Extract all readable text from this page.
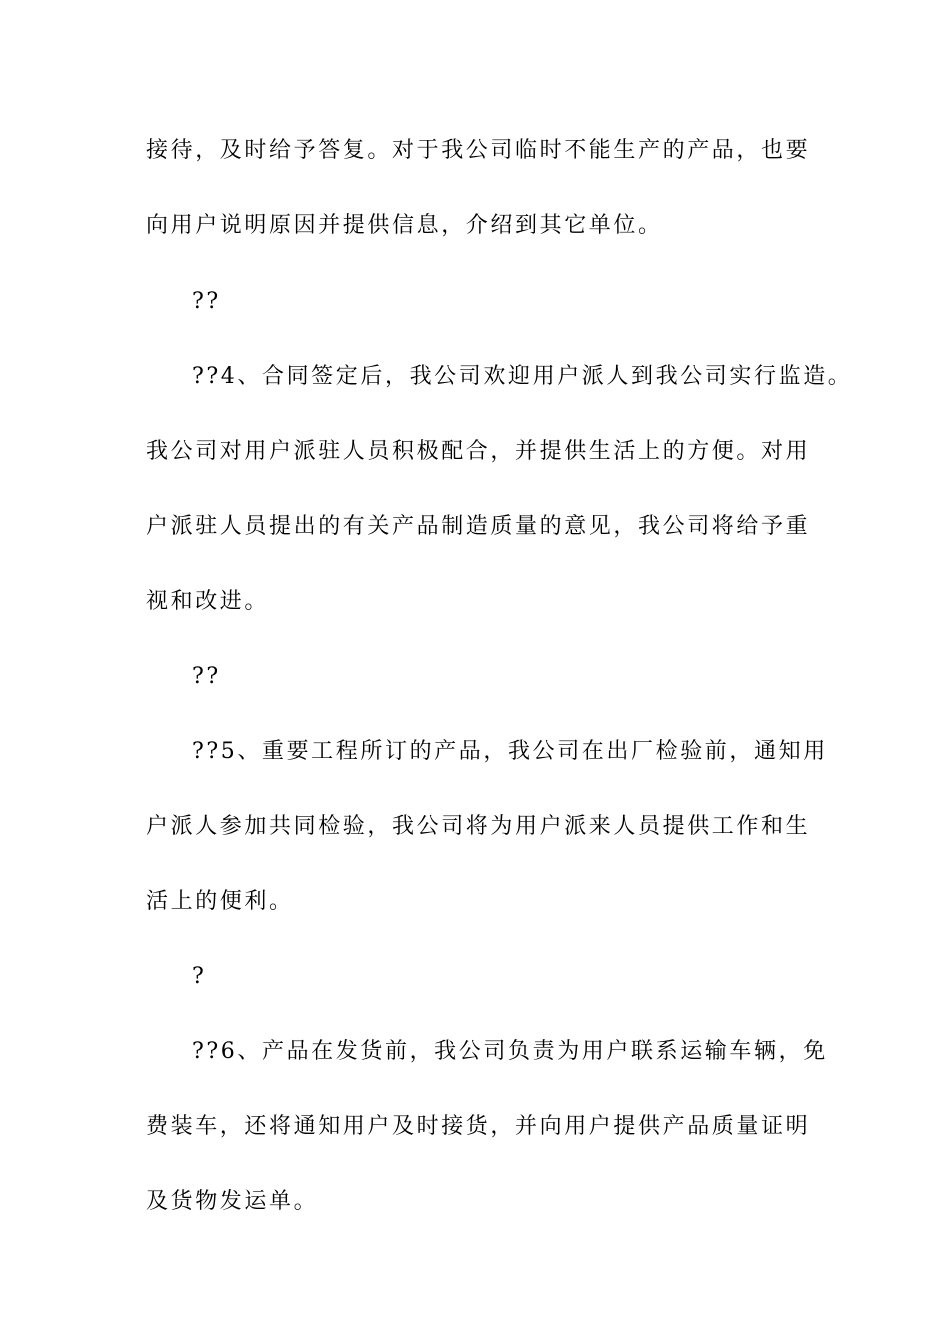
接待，及时给予答复。对于我公司临时不能生产的产品，也要
向用户说明原因并提供信息，介绍到其它单位。
??
??4、合同签定后，我公司欢迎用户派人到我公司实行监造。
我公司对用户派驻人员积极配合，并提供生活上的方便。对用
户派驻人员提出的有关产品制造质量的意见，我公司将给予重
视和改进。
??
??5、重要工程所订的产品，我公司在出厂检验前，通知用
户派人参加共同检验，我公司将为用户派来人员提供工作和生
活上的便利。
?
??6、产品在发货前，我公司负责为用户联系运输车辆，免
费装车，还将通知用户及时接货，并向用户提供产品质量证明
及货物发运单。
